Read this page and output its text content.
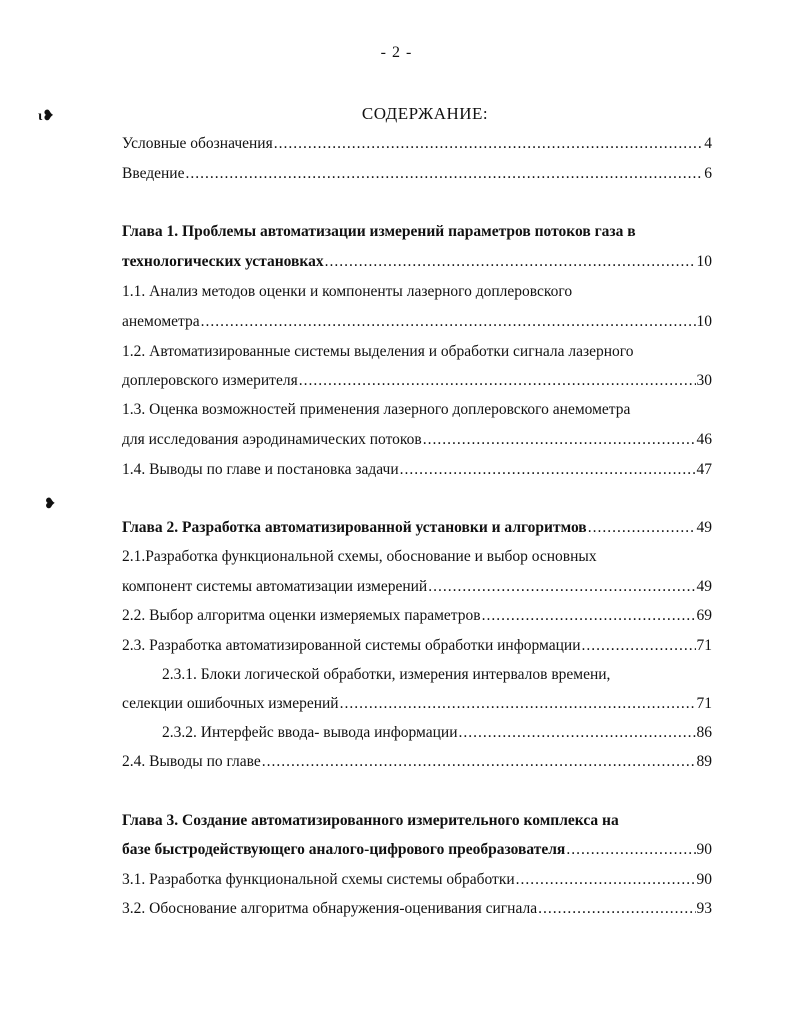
- 2 -
ɩ❥
❥
СОДЕРЖАНИЕ:
Условные обозначения .....	4
Введение .....	6
Глава 1. Проблемы автоматизации измерений параметров потоков газа в
технологических установках .....	10
1.1. Анализ методов оценки и компоненты лазерного доплеровского
анемометра .....	10
1.2. Автоматизированные системы выделения и обработки сигнала лазерного
доплеровского измерителя .....	30
1.3. Оценка возможностей применения лазерного доплеровского анемометра
для исследования аэродинамических потоков .....	46
1.4. Выводы по главе и постановка задачи .....	47
Глава 2. Разработка автоматизированной установки и алгоритмов .....	49
2.1.Разработка функциональной схемы, обоснование и выбор основных
компонент системы автоматизации измерений .....	49
2.2. Выбор алгоритма оценки измеряемых параметров .....	69
2.3. Разработка автоматизированной системы обработки информации .....	71
2.3.1. Блоки логической обработки, измерения интервалов времени,
селекции ошибочных измерений .....	71
2.3.2. Интерфейс ввода- вывода информации .....	86
2.4. Выводы по главе .....	89
Глава 3. Создание автоматизированного измерительного комплекса на
базе быстродействующего аналого-цифрового преобразователя .....	90
3.1. Разработка функциональной схемы системы обработки .....	90
3.2. Обоснование алгоритма обнаружения-оценивания сигнала .....	93
